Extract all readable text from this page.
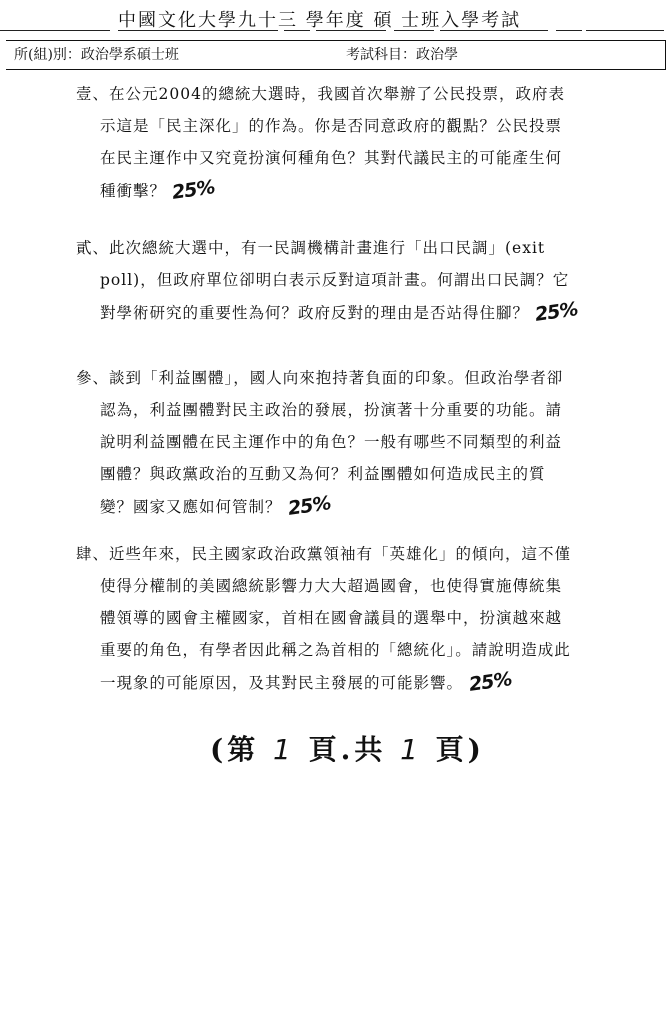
中國文化大學九十三 學年度 碩 士班入學考試
所(組)別：政治學系碩士班	考試科目：政治學
壹、在公元2004的總統大選時，我國首次舉辦了公民投票，政府表
示這是「民主深化」的作為。你是否同意政府的觀點？公民投票
在民主運作中又究竟扮演何種角色？其對代議民主的可能產生何
種衝擊？ 25%
貳、此次總統大選中，有一民調機構計畫進行「出口民調」(exit
poll)，但政府單位卻明白表示反對這項計畫。何謂出口民調？它
對學術研究的重要性為何？政府反對的理由是否站得住腳？ 25%
參、談到「利益團體」，國人向來抱持著負面的印象。但政治學者卻
認為，利益團體對民主政治的發展，扮演著十分重要的功能。請
說明利益團體在民主運作中的角色？一般有哪些不同類型的利益
團體？與政黨政治的互動又為何？利益團體如何造成民主的質
變？國家又應如何管制？ 25%
肆、近些年來，民主國家政治政黨領袖有「英雄化」的傾向，這不僅
使得分權制的美國總統影響力大大超過國會，也使得實施傳統集
體領導的國會主權國家，首相在國會議員的選舉中，扮演越來越
重要的角色，有學者因此稱之為首相的「總統化」。請說明造成此
一現象的可能原因，及其對民主發展的可能影響。 25%
(第 1 頁.共 1 頁)
